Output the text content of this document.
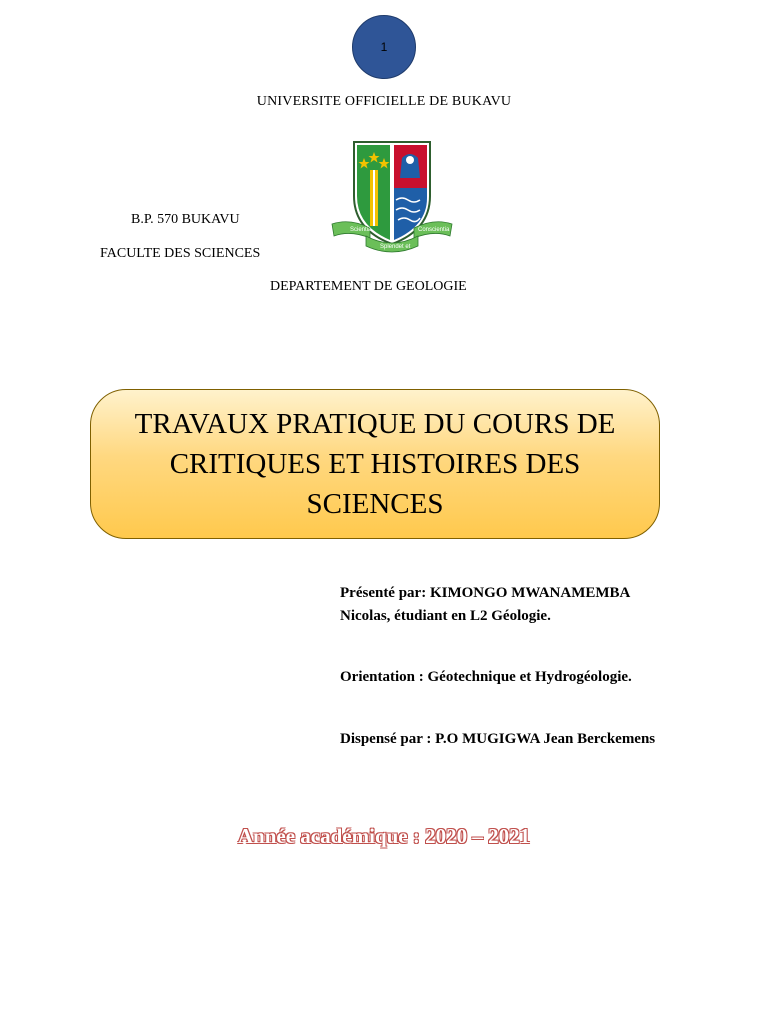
1
UNIVERSITE OFFICIELLE DE BUKAVU
Scientia
Splendet et
Conscientia
B.P. 570 BUKAVU
FACULTE DES SCIENCES
DEPARTEMENT DE GEOLOGIE
TRAVAUX PRATIQUE DU COURS DE CRITIQUES ET HISTOIRES DES SCIENCES
Présenté par: KIMONGO MWANAMEMBA Nicolas, étudiant en L2 Géologie.
Orientation : Géotechnique et Hydrogéologie.
Dispensé par : P.O MUGIGWA Jean Berckemens
Année académique : 2020 – 2021
